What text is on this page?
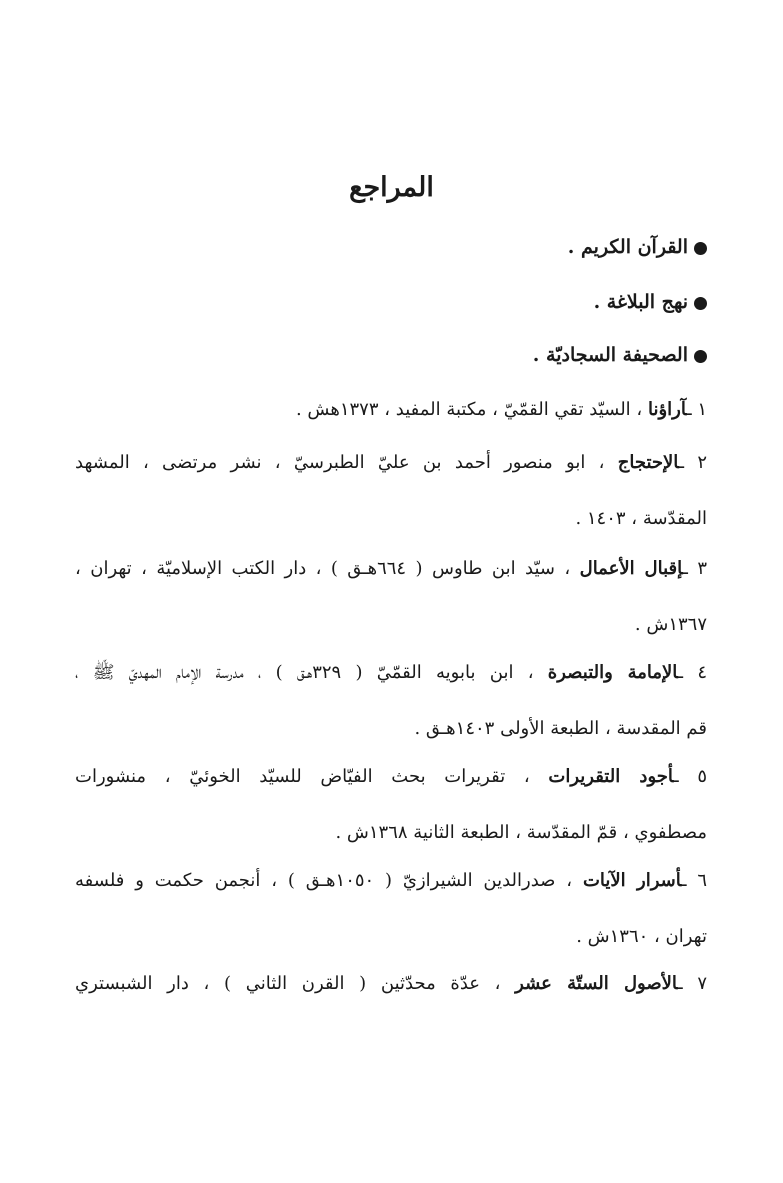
المراجع
القرآن الكريم .
نهج البلاغة .
الصحيفة السجاديّة .
١ ـآراؤنا ، السيّد تقي القمّيّ ، مكتبة المفيد ، ١٣٧٣هش .
٢ ـالإحتجاج ، ابو منصور أحمد بن عليّ الطبرسيّ ، نشر مرتضى ، المشهد
المقدّسة ، ١٤٠٣ .
٣ ـإقبال الأعمال ، سيّد ابن طاوس ( ٦٦٤هـق ) ، دار الكتب الإسلاميّة ، تهران ،
١٣٦٧ش .
٤ ـالإمامة والتبصرة ، ابن بابويه القمّيّ ( ٣٢٩هـق ) ، مدرسة الإمام المهديّ ﷺ ،
قم المقدسة ، الطبعة الأولى ١٤٠٣هـق .
٥ ـأجود التقريرات ، تقريرات بحث الفيّاض للسيّد الخوئيّ ، منشورات
مصطفوي ، قمّ المقدّسة ، الطبعة الثانية ١٣٦٨ش .
٦ ـأسرار الآيات ، صدرالدين الشيرازيّ ( ١٠٥٠هـق ) ، أنجمن حكمت و فلسفه
تهران ، ١٣٦٠ش .
٧ ـالأصول الستّة عشر ، عدّة محدّثين ( القرن الثاني ) ، دار الشبستري
